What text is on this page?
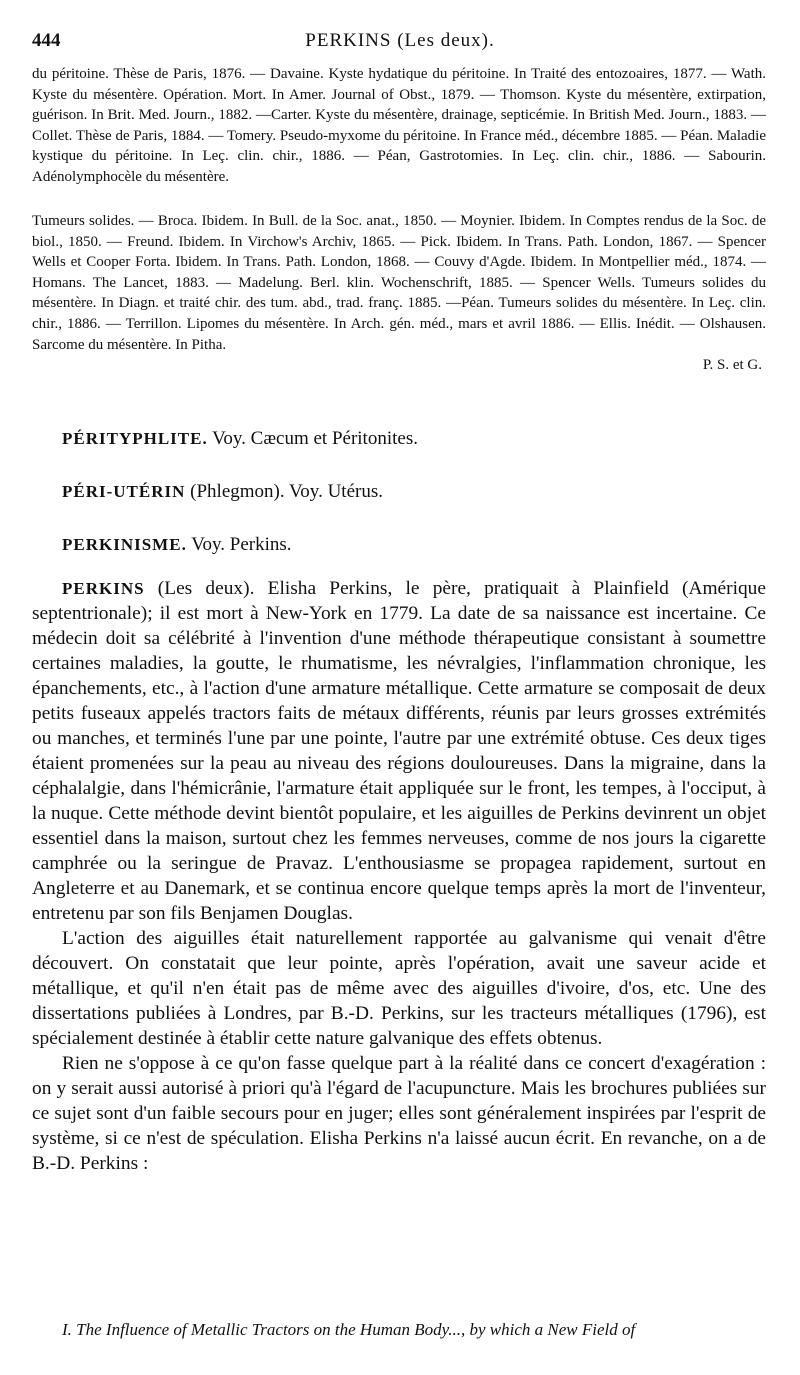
444	PERKINS (Les deux).

du péritoine. Thèse de Paris, 1876. — Davaine. Kyste hydatique du péritoine. In Traité des entozoaires, 1877. — Wath. Kyste du mésentère. Opération. Mort. In Amer. Journal of Obst., 1879. — Thomson. Kyste du mésentère, extirpation, guérison. In Brit. Med. Journ., 1882. —Carter. Kyste du mésentère, drainage, septicémie. In British Med. Journ., 1883. — Collet. Thèse de Paris, 1884. — Tomery. Pseudo-myxome du péritoine. In France méd., décembre 1885. — Péan. Maladie kystique du péritoine. In Leç. clin. chir., 1886. — Péan, Gastrotomies. In Leç. clin. chir., 1886. — Sabourin. Adénolymphocèle du mésentère.

Tumeurs solides. — Broca. Ibidem. In Bull. de la Soc. anat., 1850. — Moynier. Ibidem. In Comptes rendus de la Soc. de biol., 1850. — Freund. Ibidem. In Virchow's Archiv, 1865. — Pick. Ibidem. In Trans. Path. London, 1867. — Spencer Wells et Cooper Forta. Ibidem. In Trans. Path. London, 1868. — Couvy d'Agde. Ibidem. In Montpellier méd., 1874. — Homans. The Lancet, 1883. — Madelung. Berl. klin. Wochenschrift, 1885. — Spencer Wells. Tumeurs solides du mésentère. In Diagn. et traité chir. des tum. abd., trad. franç. 1885. —Péan. Tumeurs solides du mésentère. In Leç. clin. chir., 1886. — Terrillon. Lipomes du mésentère. In Arch. gén. méd., mars et avril 1886. — Ellis. Inédit. — Olshausen. Sarcome du mésentère. In Pitha.

P. S. et G.

PÉRITYPHLITE. Voy. Cæcum et Péritonites.
PÉRI-UTÉRIN (Phlegmon). Voy. Utérus.
PERKINISME. Voy. Perkins.

PERKINS (Les deux). Elisha Perkins, le père, pratiquait à Plainfield (Amérique septentrionale); il est mort à New-York en 1779. La date de sa naissance est incertaine. Ce médecin doit sa célébrité à l'invention d'une méthode thérapeutique consistant à soumettre certaines maladies, la goutte, le rhumatisme, les névralgies, l'inflammation chronique, les épanchements, etc., à l'action d'une armature métallique. Cette armature se composait de deux petits fuseaux appelés tractors faits de métaux différents, réunis par leurs grosses extrémités ou manches, et terminés l'une par une pointe, l'autre par une extrémité obtuse. Ces deux tiges étaient promenées sur la peau au niveau des régions douloureuses. Dans la migraine, dans la céphalalgie, dans l'hémicrânie, l'armature était appliquée sur le front, les tempes, à l'occiput, à la nuque. Cette méthode devint bientôt populaire, et les aiguilles de Perkins devinrent un objet essentiel dans la maison, surtout chez les femmes nerveuses, comme de nos jours la cigarette camphrée ou la seringue de Pravaz. L'enthousiasme se propagea rapidement, surtout en Angleterre et au Danemark, et se continua encore quelque temps après la mort de l'inventeur, entretenu par son fils Benjamen Douglas.

L'action des aiguilles était naturellement rapportée au galvanisme qui venait d'être découvert. On constatait que leur pointe, après l'opération, avait une saveur acide et métallique, et qu'il n'en était pas de même avec des aiguilles d'ivoire, d'os, etc. Une des dissertations publiées à Londres, par B.-D. Perkins, sur les tracteurs métalliques (1796), est spécialement destinée à établir cette nature galvanique des effets obtenus.

Rien ne s'oppose à ce qu'on fasse quelque part à la réalité dans ce concert d'exagération : on y serait aussi autorisé à priori qu'à l'égard de l'acupuncture. Mais les brochures publiées sur ce sujet sont d'un faible secours pour en juger; elles sont généralement inspirées par l'esprit de système, si ce n'est de spéculation. Elisha Perkins n'a laissé aucun écrit. En revanche, on a de B.-D. Perkins :

I. The Influence of Metallic Tractors on the Human Body..., by which a New Field of
